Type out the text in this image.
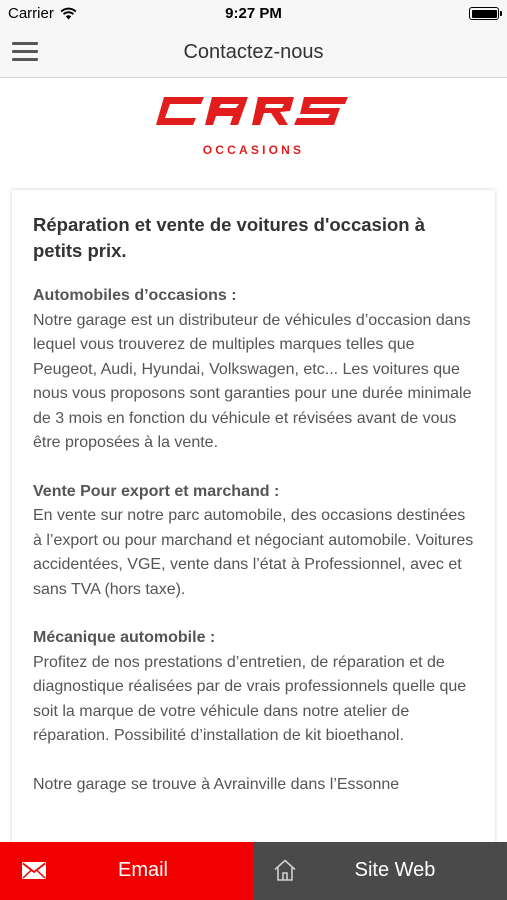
Carrier	9:27 PM
Contactez-nous
OCCASIONS
Réparation et vente de voitures d'occasion à petits prix.
Automobiles d’occasions :
Notre garage est un distributeur de véhicules d’occasion dans lequel vous trouverez de multiples marques telles que Peugeot, Audi, Hyundai, Volkswagen, etc... Les voitures que nous vous proposons sont garanties pour une durée minimale de 3 mois en fonction du véhicule et révisées avant de vous être proposées à la vente.
Vente Pour export et marchand :
En vente sur notre parc automobile, des occasions destinées à l’export ou pour marchand et négociant automobile. Voitures accidentées, VGE, vente dans l’état à Professionnel, avec et sans TVA (hors taxe).
Mécanique automobile :
Profitez de nos prestations d’entretien, de réparation et de diagnostique réalisées par de vrais professionnels quelle que soit la marque de votre véhicule dans notre atelier de réparation. Possibilité d’installation de kit bioethanol.
Notre garage se trouve à Avrainville dans l’Essonne
Email	Site Web
